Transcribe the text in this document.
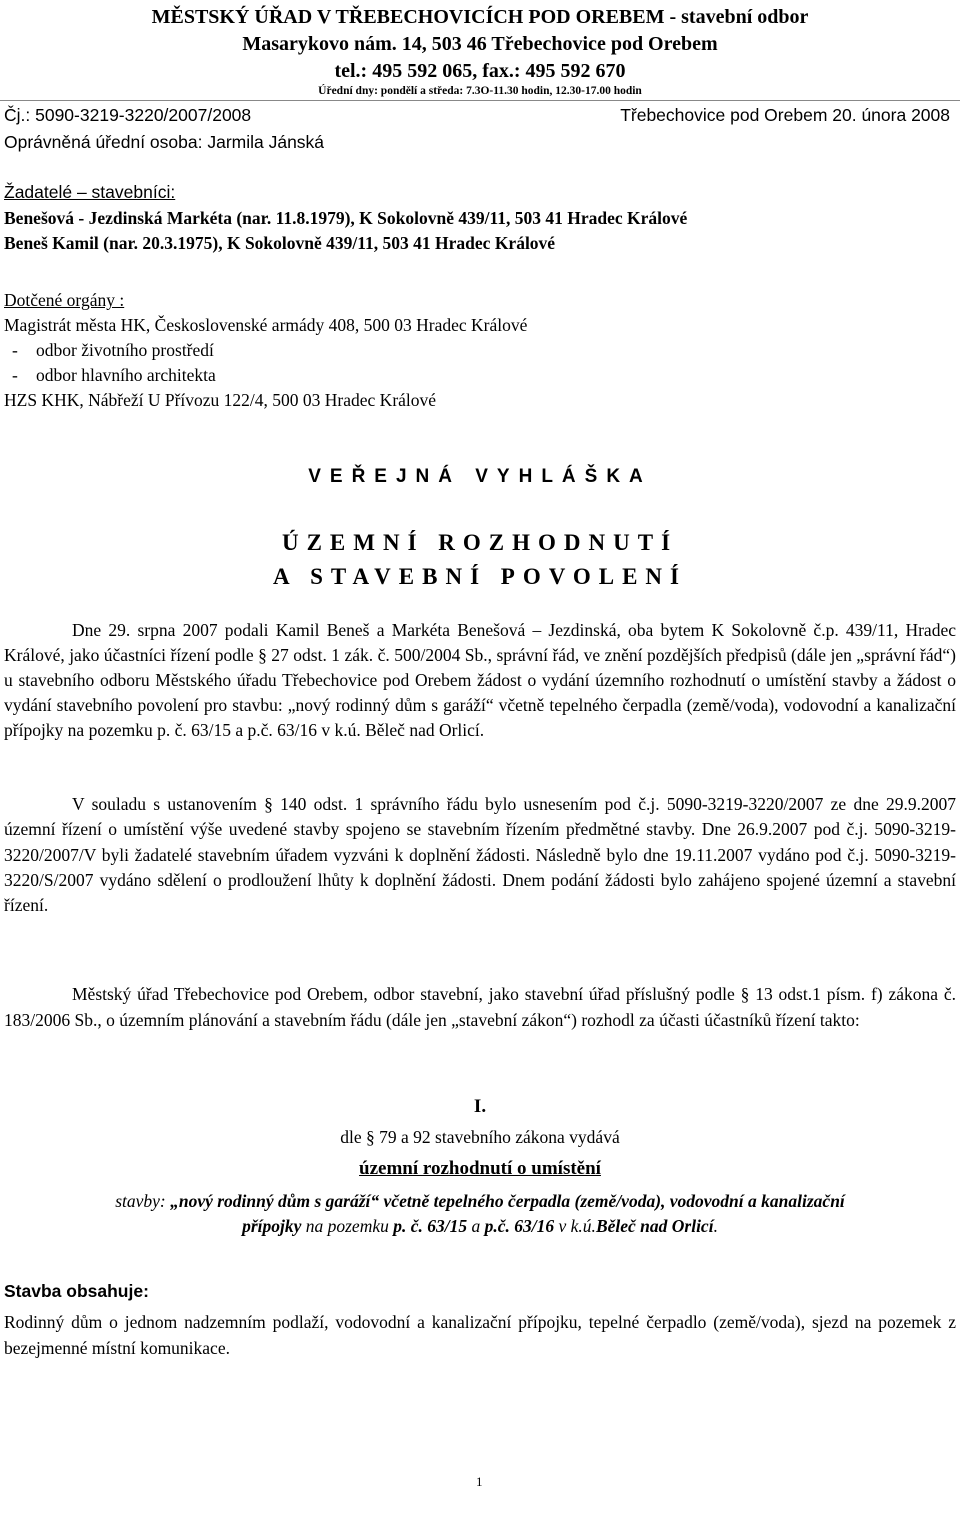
MĚSTSKÝ ÚŘAD V TŘEBECHOVICÍCH POD OREBEM - stavební odbor
Masarykovo nám. 14, 503 46 Třebechovice pod Orebem
tel.: 495 592 065, fax.: 495 592 670
Úřední dny: pondělí a středa: 7.3O-11.30 hodin, 12.30-17.00 hodin
Čj.: 5090-3219-3220/2007/2008	Třebechovice pod Orebem 20. února 2008
Oprávněná úřední osoba: Jarmila Jánská
Žadatelé – stavebníci:
Benešová - Jezdinská Markéta (nar. 11.8.1979), K Sokolovně 439/11, 503 41 Hradec Králové
Beneš Kamil (nar. 20.3.1975), K Sokolovně 439/11, 503 41 Hradec Králové
Dotčené orgány :
Magistrát města HK, Československé armády 408, 500 03 Hradec Králové
- odbor životního prostředí
- odbor hlavního architekta
HZS KHK, Nábřeží U Přívozu 122/4, 500 03 Hradec Králové
VEŘEJNÁ VYHLÁŠKA
ÚZEMNÍ ROZHODNUTÍ
A STAVEBNÍ POVOLENÍ
Dne 29. srpna 2007 podali Kamil Beneš a Markéta Benešová – Jezdinská, oba bytem K Sokolovně č.p. 439/11, Hradec Králové, jako účastníci řízení podle § 27 odst. 1 zák. č. 500/2004 Sb., správní řád, ve znění pozdějších předpisů (dále jen „správní řád“) u stavebního odboru Městského úřadu Třebechovice pod Orebem žádost o vydání územního rozhodnutí o umístění stavby a žádost o vydání stavebního povolení pro stavbu: „nový rodinný dům s garáží“ včetně tepelného čerpadla (země/voda), vodovodní a kanalizační přípojky na pozemku p. č. 63/15 a p.č. 63/16 v k.ú. Běleč nad Orlicí.
V souladu s ustanovením § 140 odst. 1 správního řádu bylo usnesením pod č.j. 5090-3219-3220/2007 ze dne 29.9.2007 územní řízení o umístění výše uvedené stavby spojeno se stavebním řízením předmětné stavby. Dne 26.9.2007 pod č.j. 5090-3219-3220/2007/V byli žadatelé stavebním úřadem vyzváni k doplnění žádosti. Následně bylo dne 19.11.2007 vydáno pod č.j. 5090-3219-3220/S/2007 vydáno sdělení o prodloužení lhůty k doplnění žádosti. Dnem podání žádosti bylo zahájeno spojené územní a stavební řízení.
Městský úřad Třebechovice pod Orebem, odbor stavební, jako stavební úřad příslušný podle § 13 odst.1 písm. f) zákona č. 183/2006 Sb., o územním plánování a stavebním řádu (dále jen „stavební zákon“) rozhodl za účasti účastníků řízení takto:
I.
dle § 79 a 92 stavebního zákona vydává
územní rozhodnutí o umístění
stavby: „nový rodinný dům s garáží“ včetně tepelného čerpadla (země/voda), vodovodní a kanalizační
přípojky na pozemku p. č. 63/15 a p.č. 63/16 v k.ú.Běleč nad Orlicí.
Stavba obsahuje:
Rodinný dům o jednom nadzemním podlaží, vodovodní a kanalizační přípojku, tepelné čerpadlo (země/voda), sjezd na pozemek z bezejmenné místní komunikace.
1
